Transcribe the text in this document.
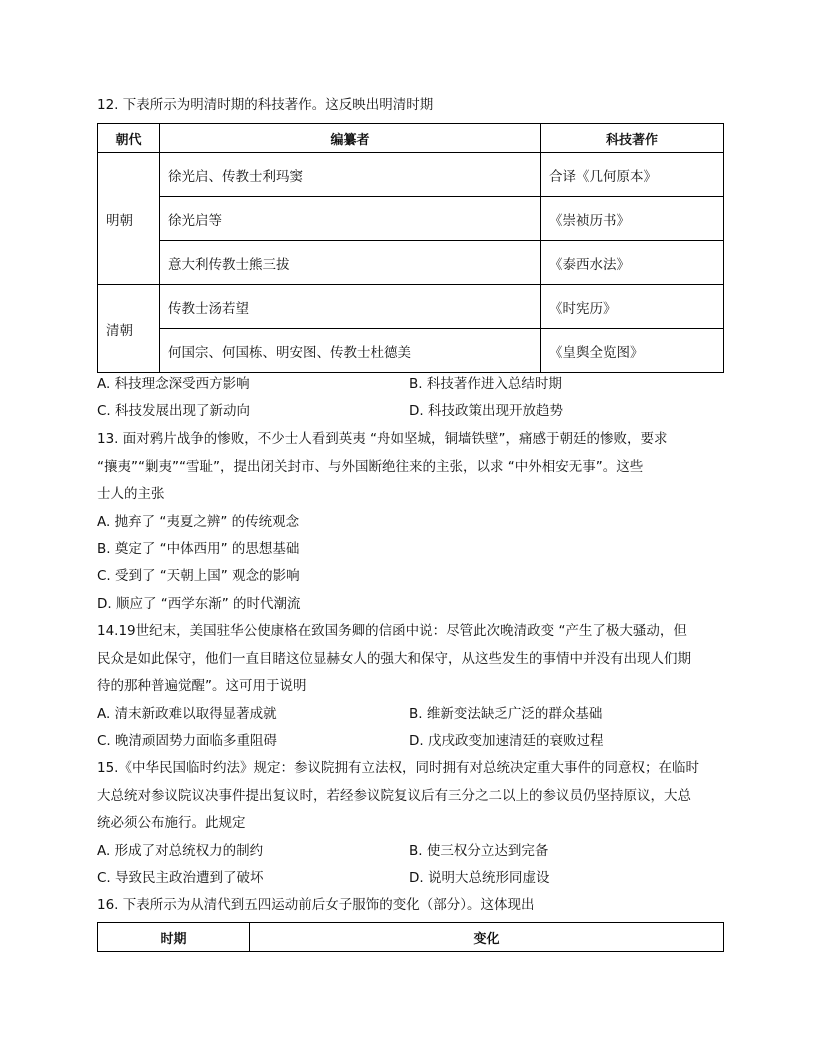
12. 下表所示为明清时期的科技著作。这反映出明清时期
朝代	编纂者	科技著作
明朝	徐光启、传教士利玛窦	合译《几何原本》
	徐光启等	《崇祯历书》
	意大利传教士熊三拔	《泰西水法》
清朝	传教士汤若望	《时宪历》
	何国宗、何国栋、明安图、传教士杜德美	《皇舆全览图》
A. 科技理念深受西方影响	B. 科技著作进入总结时期
C. 科技发展出现了新动向	D. 科技政策出现开放趋势
13. 面对鸦片战争的惨败，不少士人看到英夷 “舟如坚城，铜墙铁壁”，痛感于朝廷的惨败，要求
“攘夷”“剿夷”“雪耻”，提出闭关封市、与外国断绝往来的主张，以求 “中外相安无事”。这些
士人的主张
A. 抛弃了 “夷夏之辨” 的传统观念
B. 奠定了 “中体西用” 的思想基础
C. 受到了 “天朝上国” 观念的影响
D. 顺应了 “西学东渐” 的时代潮流
14.19世纪末，美国驻华公使康格在致国务卿的信函中说：尽管此次晚清政变 “产生了极大骚动，但
民众是如此保守，他们一直目睹这位显赫女人的强大和保守，从这些发生的事情中并没有出现人们期
待的那种普遍觉醒”。这可用于说明
A. 清末新政难以取得显著成就	B. 维新变法缺乏广泛的群众基础
C. 晚清顽固势力面临多重阻碍	D. 戊戌政变加速清廷的衰败过程
15.《中华民国临时约法》规定：参议院拥有立法权，同时拥有对总统决定重大事件的同意权；在临时
大总统对参议院议决事件提出复议时，若经参议院复议后有三分之二以上的参议员仍坚持原议，大总
统必须公布施行。此规定
A. 形成了对总统权力的制约	B. 使三权分立达到完备
C. 导致民主政治遭到了破坏	D. 说明大总统形同虚设
16. 下表所示为从清代到五四运动前后女子服饰的变化（部分）。这体现出
时期	变化
